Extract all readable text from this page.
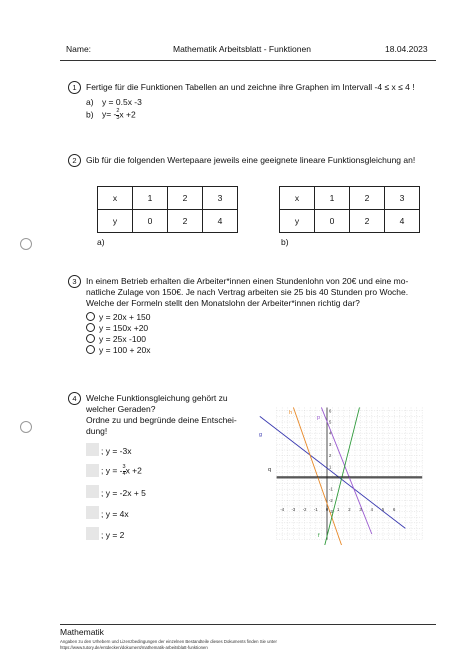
Name:	Mathematik Arbeitsblatt - Funktionen	18.04.2023
1	Fertige für die Funktionen Tabellen an und zeichne ihre Graphen im Intervall -4 ≤ x ≤ 4 !
a) y = 0.5x -3
b) $y= - \frac{2}{3}$ x +2
2	Gib für die folgenden Wertepaare jeweils eine geeignete lineare Funktionsgleichung an!
x	1	2	3
y	0	2	4
a)
x	1	2	3
y	0	2	4
b)
3	In einem Betrieb erhalten die Arbeiter*innen einen Stundenlohn von 20€ und eine mo-
natliche Zulage von 150€. Je nach Vertrag arbeiten sie 25 bis 40 Stunden pro Woche.
Welche der Formeln stellt den Monatslohn der Arbeiter*innen richtig dar?
y = 20x + 150
y = 150x +20
y = 25x -100
y = 100 + 20x
4	Welche Funktionsgleichung gehört zu
welcher Geraden?
Ordne zu und begründe deine Entschei-
dung!
; y = -3x
; y = - $\frac{3}{4}$ x +2
; y = -2x + 5
; y = 4x
; y = 2
-4 -3 -2 -1 0 1 2 3 4 5 6
6
5
4
3
2
1
-1
-2
-3
g
h
p
q
f
Mathematik
Angaben zu den Urhebern und Lizenzbedingungen der einzelnen Bestandteile dieses Dokuments finden Sie unter
https://www.tutory.de/entdecken/dokument/mathematik-arbeitsblatt-funktionen
